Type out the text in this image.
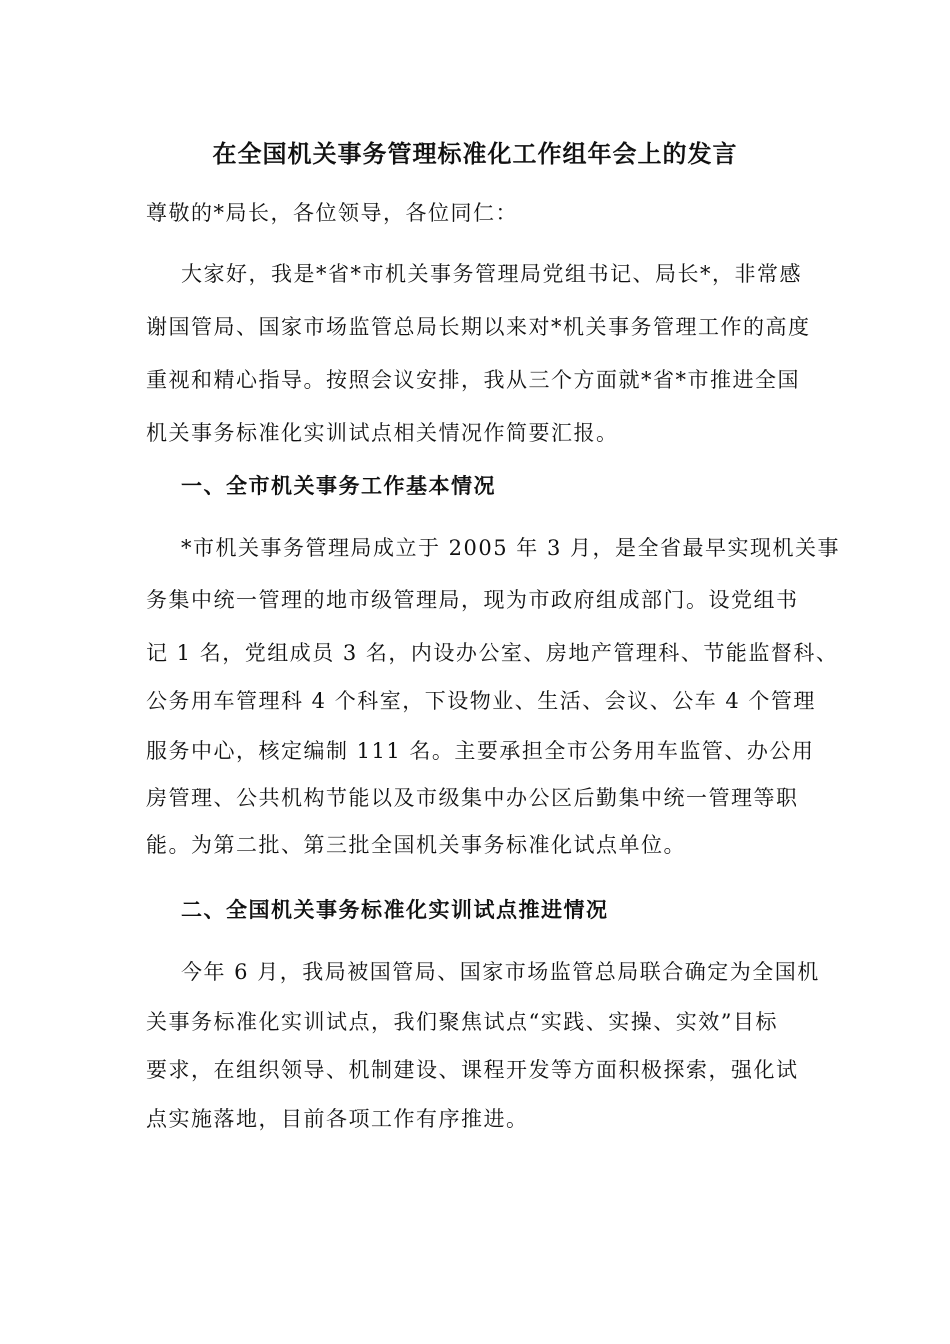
在全国机关事务管理标准化工作组年会上的发言
尊敬的*局长，各位领导，各位同仁：
大家好，我是*省*市机关事务管理局党组书记、局长*，非常感
谢国管局、国家市场监管总局长期以来对*机关事务管理工作的高度
重视和精心指导。按照会议安排，我从三个方面就*省*市推进全国
机关事务标准化实训试点相关情况作简要汇报。
一、全市机关事务工作基本情况
*市机关事务管理局成立于 2005 年 3 月，是全省最早实现机关事
务集中统一管理的地市级管理局，现为市政府组成部门。设党组书
记 1 名，党组成员 3 名，内设办公室、房地产管理科、节能监督科、
公务用车管理科 4 个科室，下设物业、生活、会议、公车 4 个管理
服务中心，核定编制 111 名。主要承担全市公务用车监管、办公用
房管理、公共机构节能以及市级集中办公区后勤集中统一管理等职
能。为第二批、第三批全国机关事务标准化试点单位。
二、全国机关事务标准化实训试点推进情况
今年 6 月，我局被国管局、国家市场监管总局联合确定为全国机
关事务标准化实训试点，我们聚焦试点“实践、实操、实效”目标
要求，在组织领导、机制建设、课程开发等方面积极探索，强化试
点实施落地，目前各项工作有序推进。
